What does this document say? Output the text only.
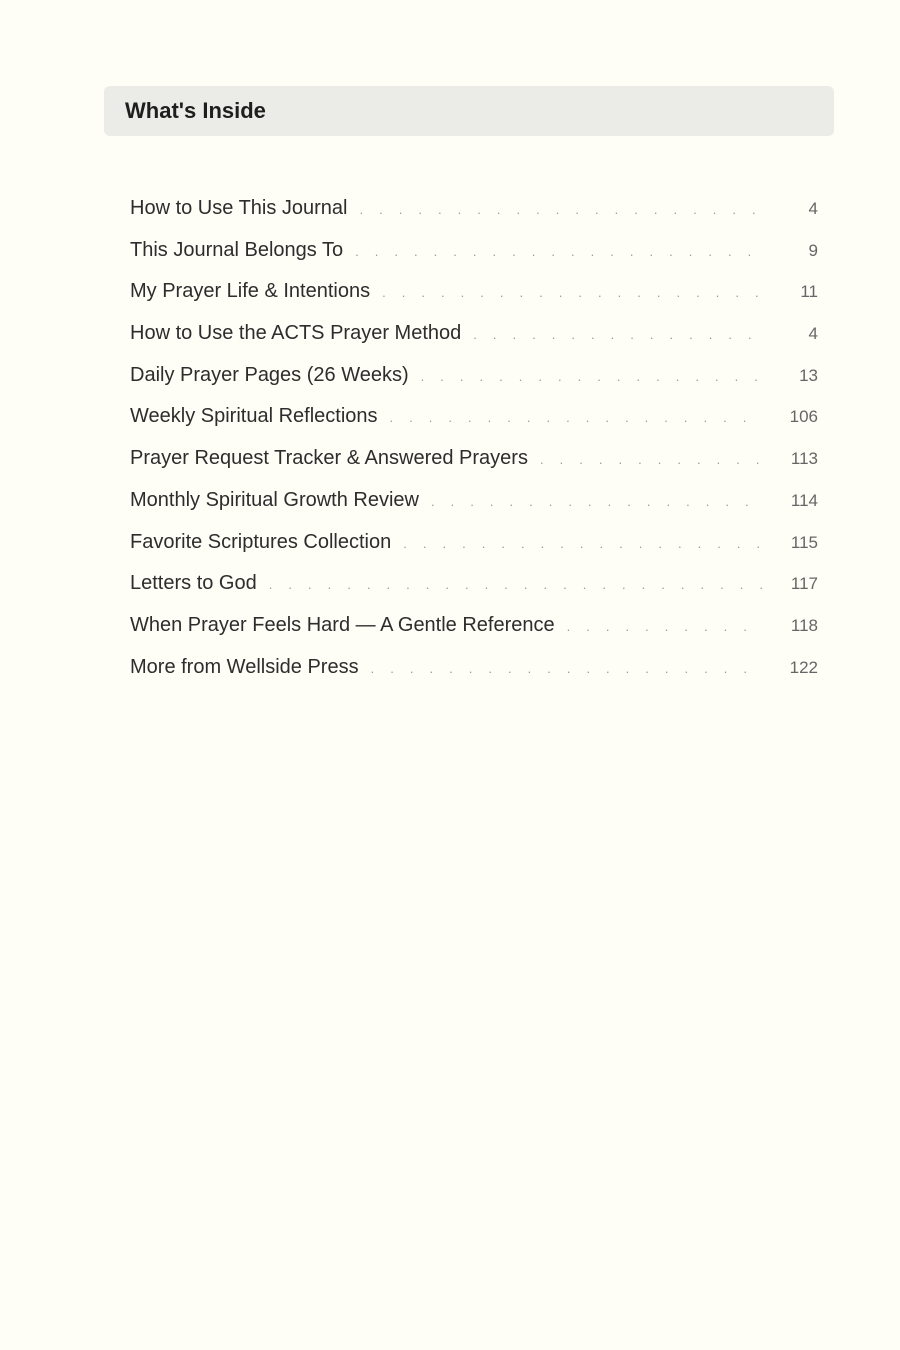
What's Inside
How to Use This Journal . . .	4
This Journal Belongs To . . .	9
My Prayer Life & Intentions . . .	11
How to Use the ACTS Prayer Method . . .	4
Daily Prayer Pages (26 Weeks) . . .	13
Weekly Spiritual Reflections . . .	106
Prayer Request Tracker & Answered Prayers . . .	113
Monthly Spiritual Growth Review . . .	114
Favorite Scriptures Collection . . .	115
Letters to God . . .	117
When Prayer Feels Hard — A Gentle Reference . . .	118
More from Wellside Press . . .	122
